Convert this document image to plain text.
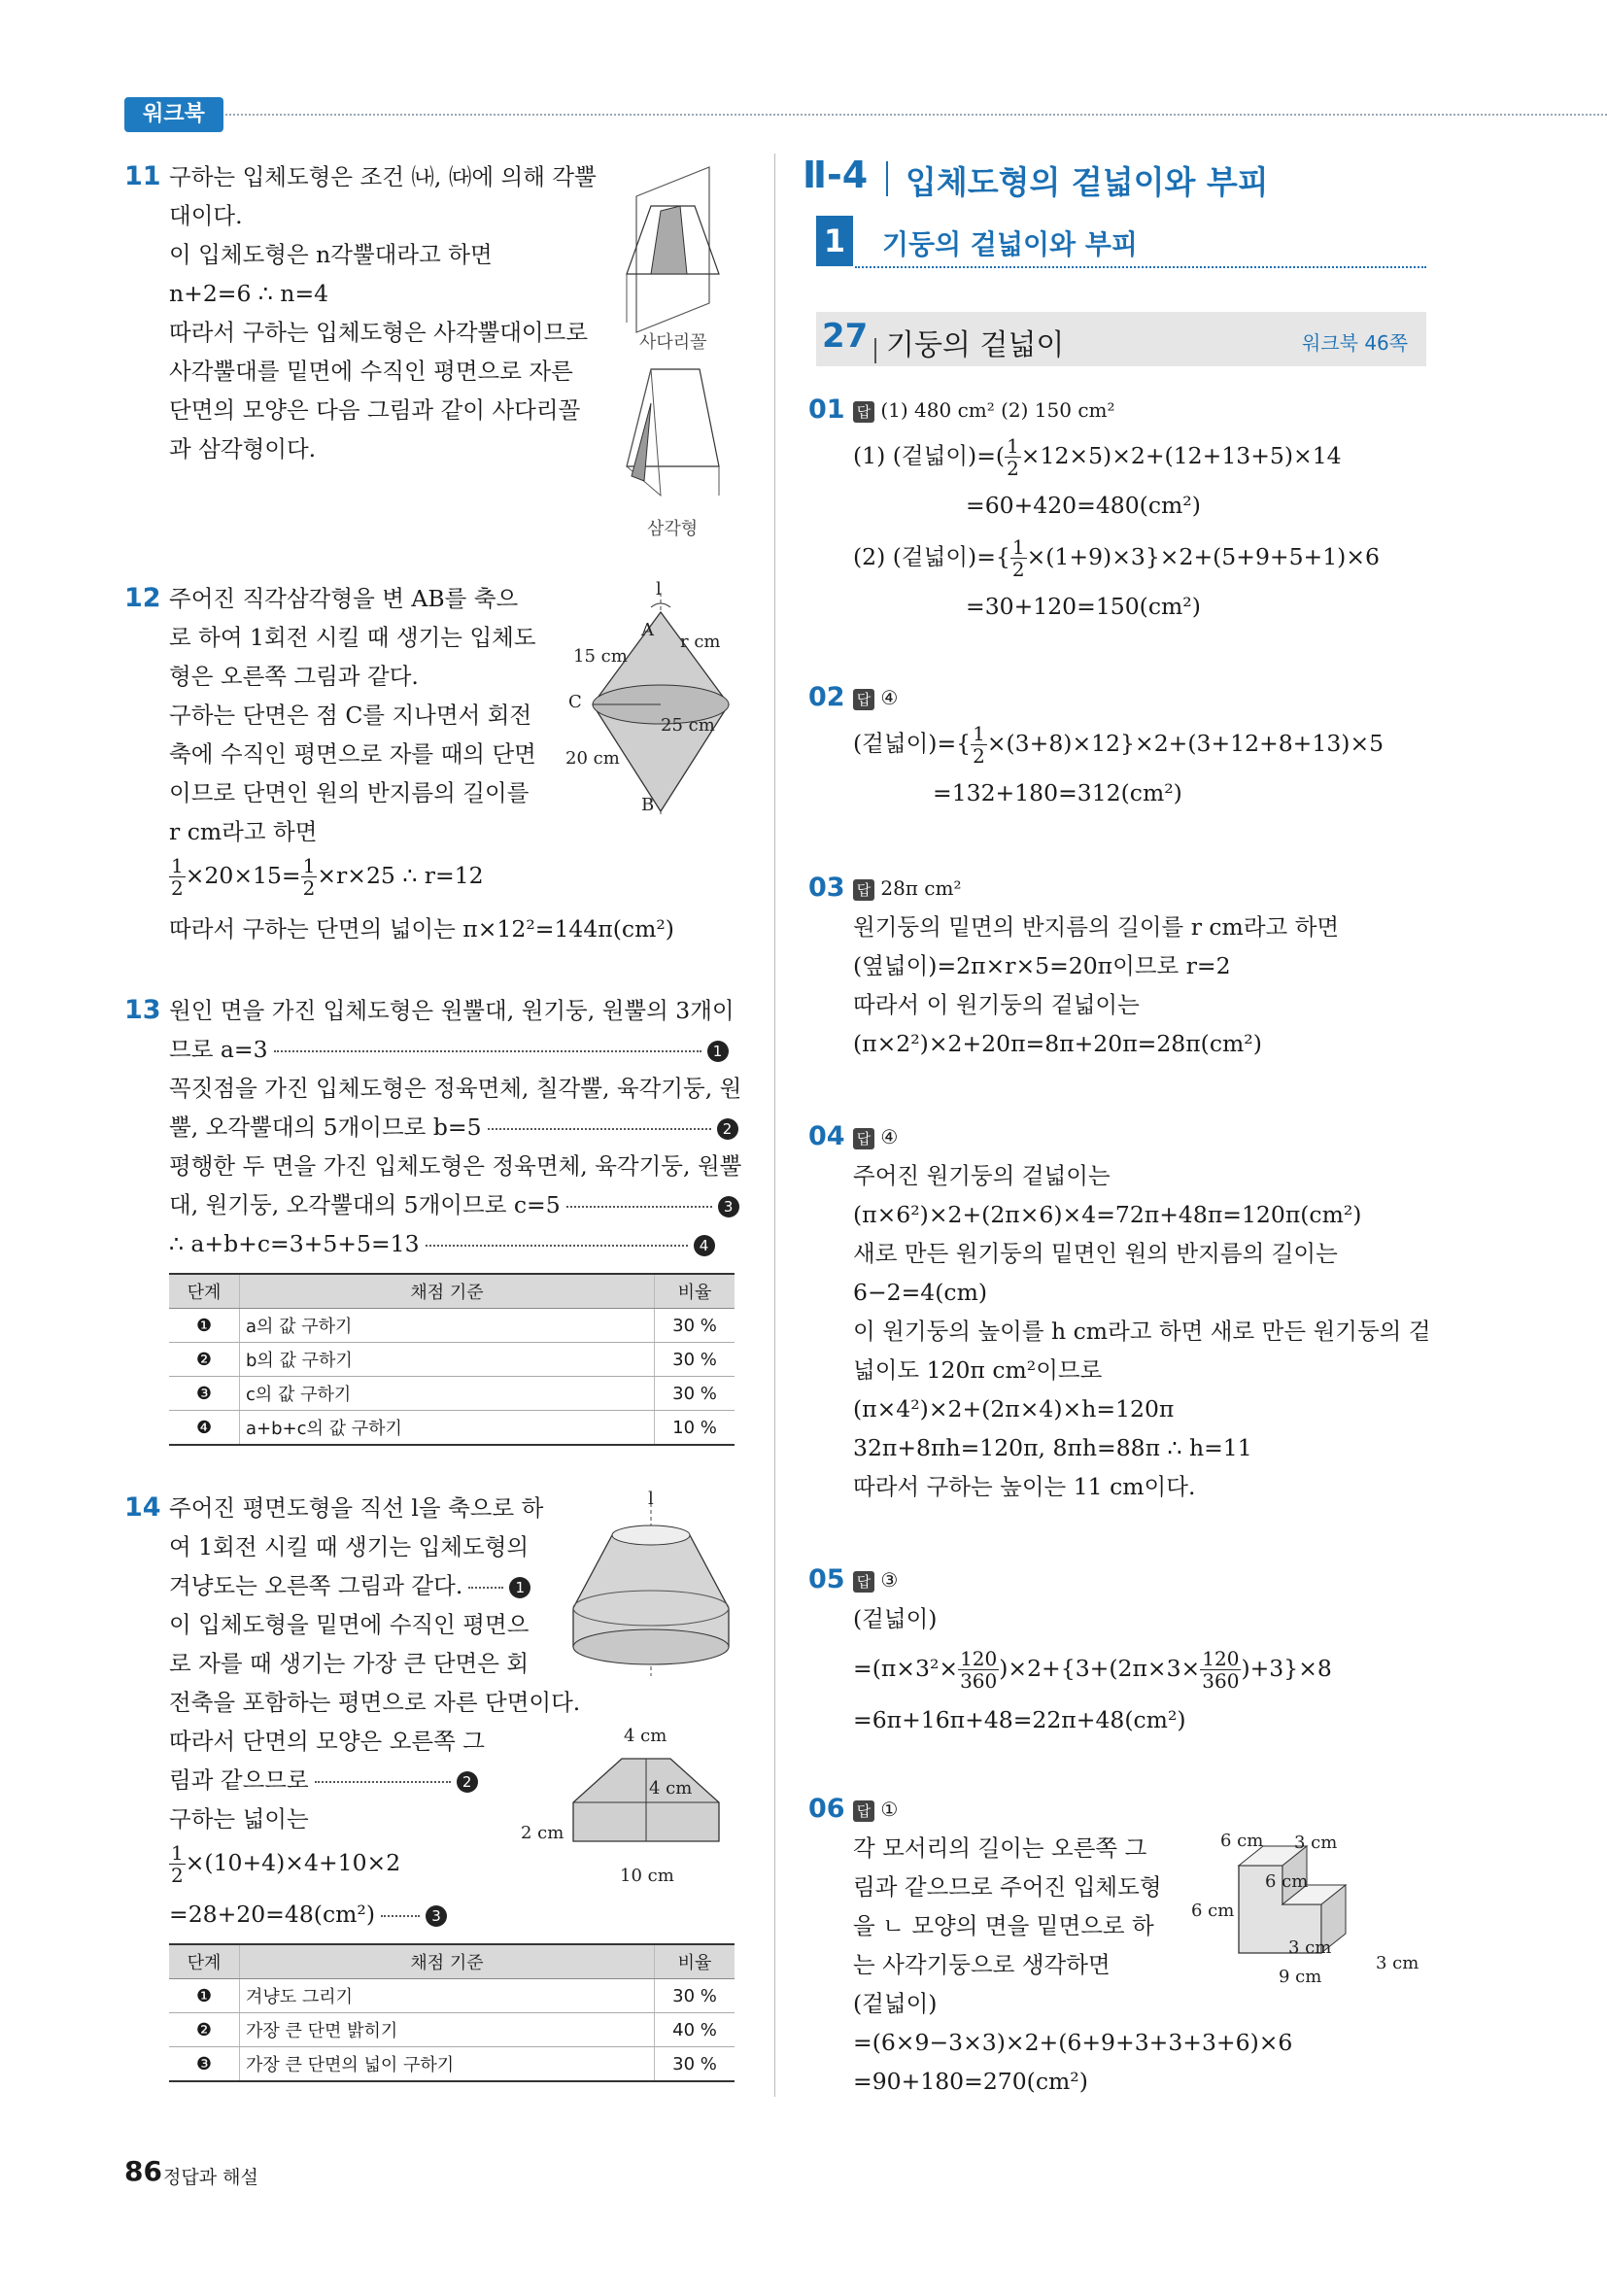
워크북
11 구하는 입체도형은 조건 ㈏, ㈐에 의해 각뿔
대이다.
이 입체도형은 n각뿔대라고 하면
n+2=6 ∴ n=4
따라서 구하는 입체도형은 사각뿔대이므로
사각뿔대를 밑면에 수직인 평면으로 자른
단면의 모양은 다음 그림과 같이 사다리꼴
과 삼각형이다.
사다리꼴
삼각형
12 주어진 직각삼각형을 변 AB를 축으
로 하여 1회전 시킬 때 생기는 입체도
형은 오른쪽 그림과 같다.
구하는 단면은 점 C를 지나면서 회전
축에 수직인 평면으로 자를 때의 단면
이므로 단면인 원의 반지름의 길이를
r cm라고 하면
$\frac{1}{2} \times 20\times 15= \frac{1}{2} \times r\times 25$ ∴ r=12
따라서 구하는 단면의 넓이는 π×12²=144π(cm²)
l
A
r cm
15 cm
C
25 cm
20 cm
B
13 원인 면을 가진 입체도형은 원뿔대, 원기둥, 원뿔의 3개이
므로 a=3	1
꼭짓점을 가진 입체도형은 정육면체, 칠각뿔, 육각기둥, 원
뿔, 오각뿔대의 5개이므로 b=5	2
평행한 두 면을 가진 입체도형은 정육면체, 육각기둥, 원뿔
대, 원기둥, 오각뿔대의 5개이므로 c=5	3
∴ a+b+c=3+5+5=13	4
단계	채점 기준	비율
❶	a의 값 구하기	30 %
❷	b의 값 구하기	30 %
❸	c의 값 구하기	30 %
❹	a+b+c의 값 구하기	10 %
14 주어진 평면도형을 직선 l을 축으로 하
여 1회전 시킬 때 생기는 입체도형의
겨냥도는 오른쪽 그림과 같다.	1
이 입체도형을 밑면에 수직인 평면으
로 자를 때 생기는 가장 큰 단면은 회
전축을 포함하는 평면으로 자른 단면이다.
따라서 단면의 모양은 오른쪽 그
림과 같으므로	2
구하는 넓이는
$\frac{1}{2} \times(10+4)\times 4+10\times 2$
=28+20=48(cm²)	3
l
4 cm
4 cm
2 cm
10 cm
단계	채점 기준	비율
❶	겨냥도 그리기	30 %
❷	가장 큰 단면 밝히기	40 %
❸	가장 큰 단면의 넓이 구하기	30 %
Ⅱ-4 입체도형의 겉넓이와 부피
1 기둥의 겉넓이와 부피
27 기둥의 겉넓이	워크북 46쪽
01 답 (1) 480 cm² (2) 150 cm²
(1) (겉넓이)=( $\frac{1}{2} \times 12\times 5)\times 2+(12+13+5)\times 14$
=60+420=480(cm²)
(2) (겉넓이)={ $\frac{1}{2} \times(1+9)\times 3\}\times 2+(5+9+5+1)\times 6$
=30+120=150(cm²)
02 답 ④
(겉넓이)={ $\frac{1}{2} \times(3+8)\times 12\}\times 2+(3+12+8+13)\times 5$
=132+180=312(cm²)
03 답 28π cm²
원기둥의 밑면의 반지름의 길이를 r cm라고 하면
(옆넓이)=2π×r×5=20π이므로 r=2
따라서 이 원기둥의 겉넓이는
(π×2²)×2+20π=8π+20π=28π(cm²)
04 답 ④
주어진 원기둥의 겉넓이는
(π×6²)×2+(2π×6)×4=72π+48π=120π(cm²)
새로 만든 원기둥의 밑면인 원의 반지름의 길이는
6−2=4(cm)
이 원기둥의 높이를 h cm라고 하면 새로 만든 원기둥의 겉
넓이도 120π cm²이므로
(π×4²)×2+(2π×4)×h=120π
32π+8πh=120π, 8πh=88π ∴ h=11
따라서 구하는 높이는 11 cm이다.
05 답 ③
(겉넓이)
$=(\pi\times 3^2\times \frac{120}{360} )\times 2+\{3+(2\pi\times 3\times \frac{120}{360} )+3\}\times 8$
=6π+16π+48=22π+48(cm²)
06 답 ①
각 모서리의 길이는 오른쪽 그
림과 같으므로 주어진 입체도형
을 ㄴ 모양의 면을 밑면으로 하
는 사각기둥으로 생각하면
(겉넓이)
=(6×9−3×3)×2+(6+9+3+3+3+6)×6
=90+180=270(cm²)
6 cm 3 cm
6 cm
6 cm
3 cm
9 cm
3 cm
86 정답과 해설
